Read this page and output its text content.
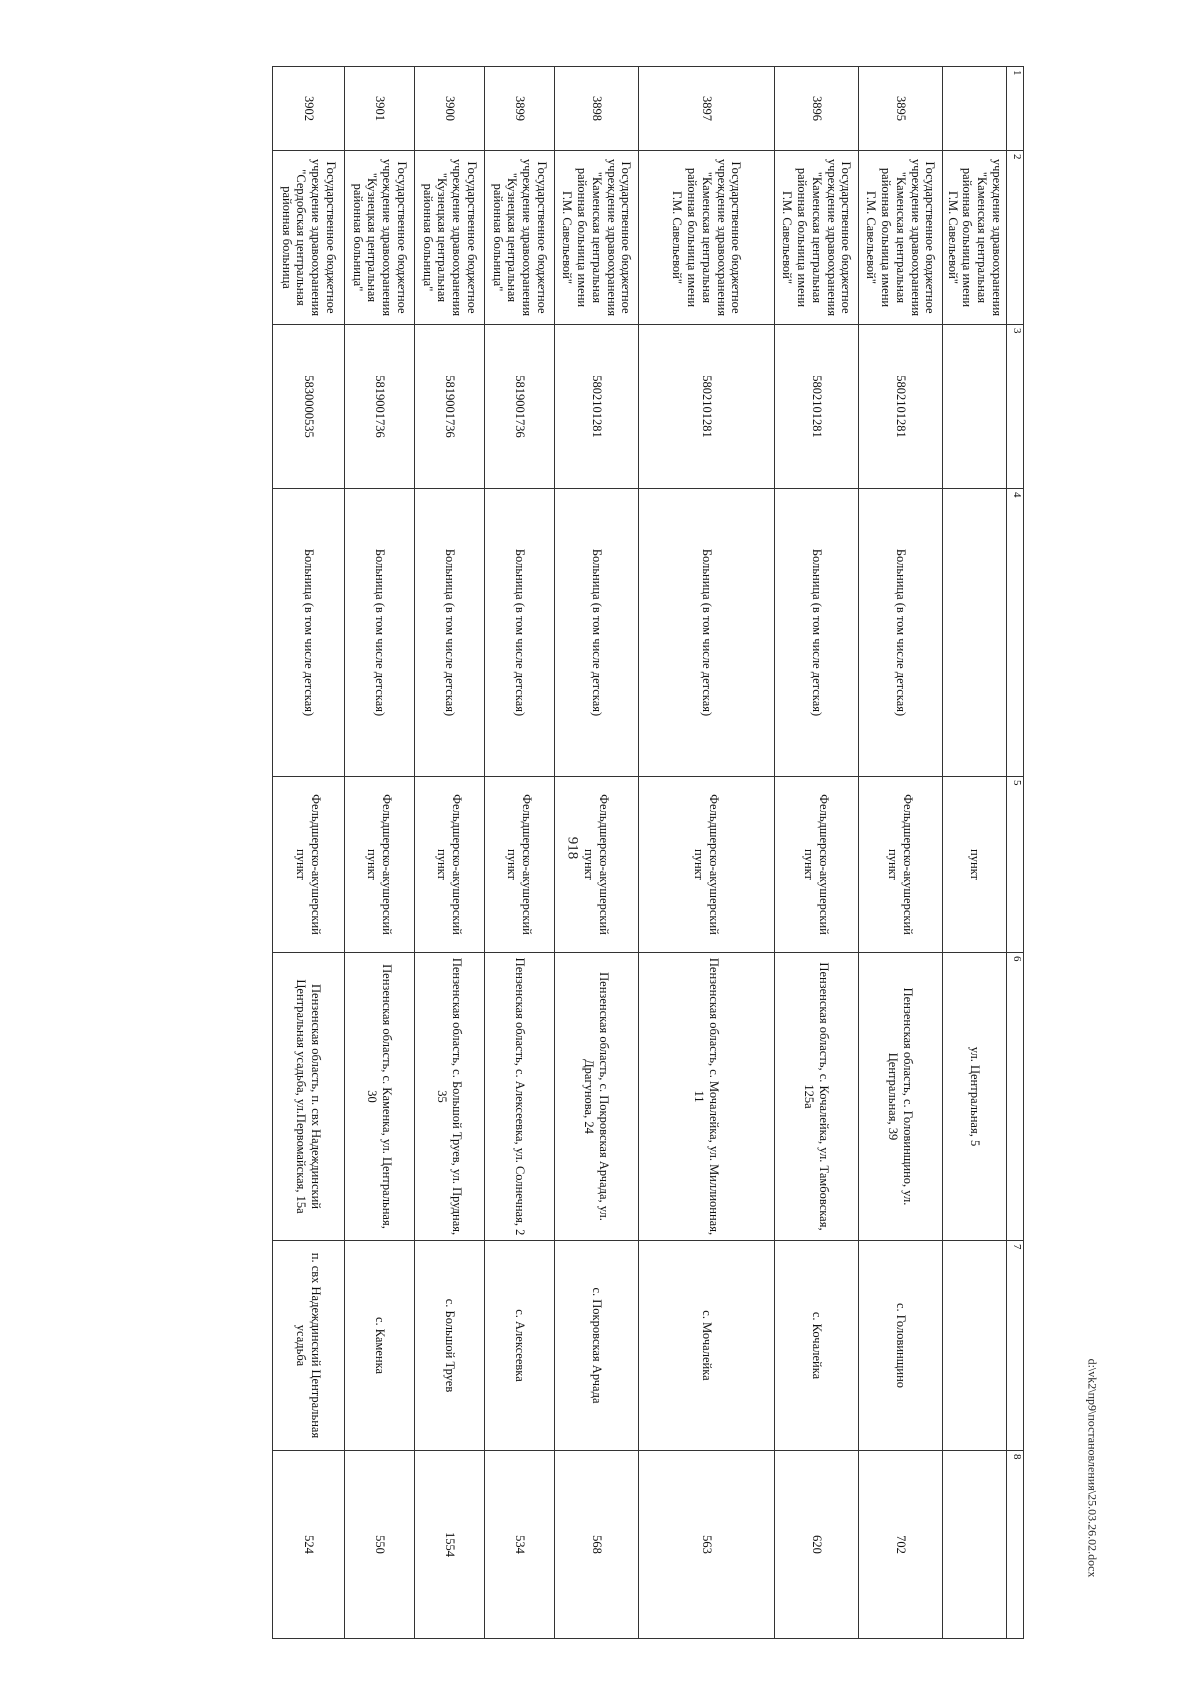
918
1	2	3	4	5	6	7	8
	учреждение здравоохранения "Каменская центральная районная больница имени Г.М. Савельевой"			пункт	ул. Центральная, 5		
3895	Государственное бюджетное учреждение здравоохранения "Каменская центральная районная больница имени Г.М. Савельевой"	5802101281	Больница (в том числе детская)	Фельдшерско-акушерский пункт	Пензенская область, с. Головинщино, ул. Центральная, 39	с. Головинщино	702
3896	Государственное бюджетное учреждение здравоохранения "Каменская центральная районная больница имени Г.М. Савельевой"	5802101281	Больница (в том числе детская)	Фельдшерско-акушерский пункт	Пензенская область, с. Кочалейка, ул. Тамбовская, 125а	с. Кочалейка	620
3897	Государственное бюджетное учреждение здравоохранения "Каменская центральная районная больница имени Г.М. Савельевой"	5802101281	Больница (в том числе детская)	Фельдшерско-акушерский пункт	Пензенская область, с. Мочалейка, ул. Миллионная, 11	с. Мочалейка	563
3898	Государственное бюджетное учреждение здравоохранения "Каменская центральная районная больница имени Г.М. Савельевой"	5802101281	Больница (в том числе детская)	Фельдшерско-акушерский пункт	Пензенская область, с. Покровская Арчада, ул. Драгунова, 24	с. Покровская Арчада	568
3899	Государственное бюджетное учреждение здравоохранения "Кузнецкая центральная районная больница"	5819001736	Больница (в том числе детская)	Фельдшерско-акушерский пункт	Пензенская область, с. Алексеевка, ул. Солнечная, 2	с. Алексеевка	534
3900	Государственное бюджетное учреждение здравоохранения "Кузнецкая центральная районная больница"	5819001736	Больница (в том числе детская)	Фельдшерско-акушерский пункт	Пензенская область, с. Большой Труев, ул. Прудная, 35	с. Большой Труев	1554
3901	Государственное бюджетное учреждение здравоохранения "Кузнецкая центральная районная больница"	5819001736	Больница (в том числе детская)	Фельдшерско-акушерский пункт	Пензенская область, с. Каменка, ул. Центральная, 30	с. Каменка	550
3902	Государственное бюджетное учреждение здравоохранения "Сердобская центральная районная больница	5830000535	Больница (в том числе детская)	Фельдшерско-акушерский пункт	Пензенская область, п. свх Надеждинский Центральная усадьба, ул.Первомайская, 15а	п. свх Надеждинский Центральная усадьба	524	d:\vk2\пр9\постановления\25.03.26.02.docx
